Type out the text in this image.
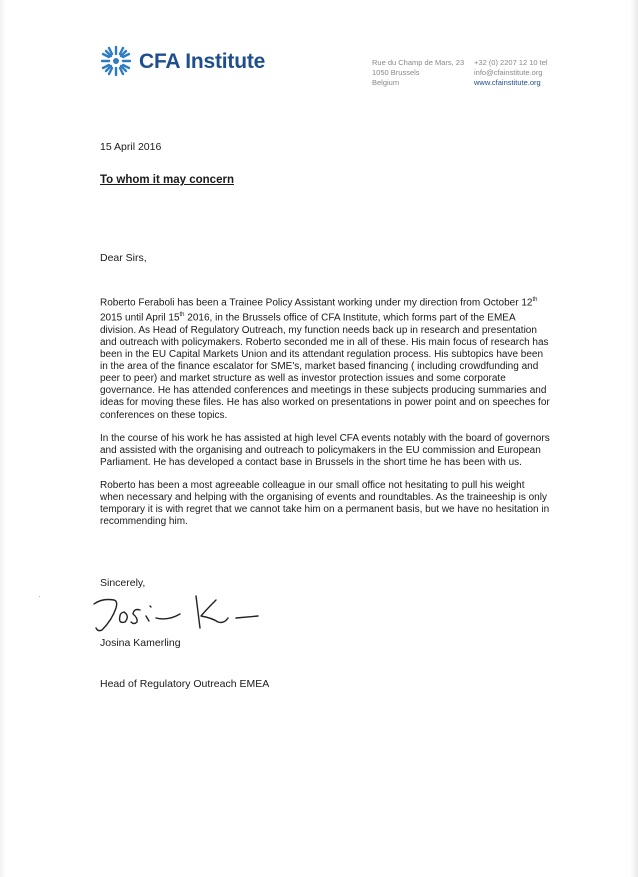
CFA Institute	Rue du Champ de Mars, 23
1050 Brussels
Belgium
+32 (0) 2207 12 10 tel
info@cfainstitute.org
www.cfainstitute.org
15 April 2016
To whom it may concern
Dear Sirs,

Roberto Feraboli has been a Trainee Policy Assistant working under my direction from October 12th 2015 until April 15th 2016, in the Brussels office of CFA Institute, which forms part of the EMEA division. As Head of Regulatory Outreach, my function needs back up in research and presentation and outreach with policymakers. Roberto seconded me in all of these. His main focus of research has been in the EU Capital Markets Union and its attendant regulation process. His subtopics have been in the area of the finance escalator for SME's, market based financing ( including crowdfunding and peer to peer) and market structure as well as investor protection issues and some corporate governance. He has attended conferences and meetings in these subjects producing summaries and ideas for moving these files. He has also worked on presentations in power point and on speeches for conferences on these topics.

In the course of his work he has assisted at high level CFA events notably with the board of governors and assisted with the organising and outreach to policymakers in the EU commission and European Parliament. He has developed a contact base in Brussels in the short time he has been with us.

Roberto has been a most agreeable colleague in our small office not hesitating to pull his weight when necessary and helping with the organising of events and roundtables. As the traineeship is only temporary it is with regret that we cannot take him on a permanent basis, but we have no hesitation in recommending him.

Sincerely,
Josina Kamerling
Head of Regulatory Outreach EMEA
·
